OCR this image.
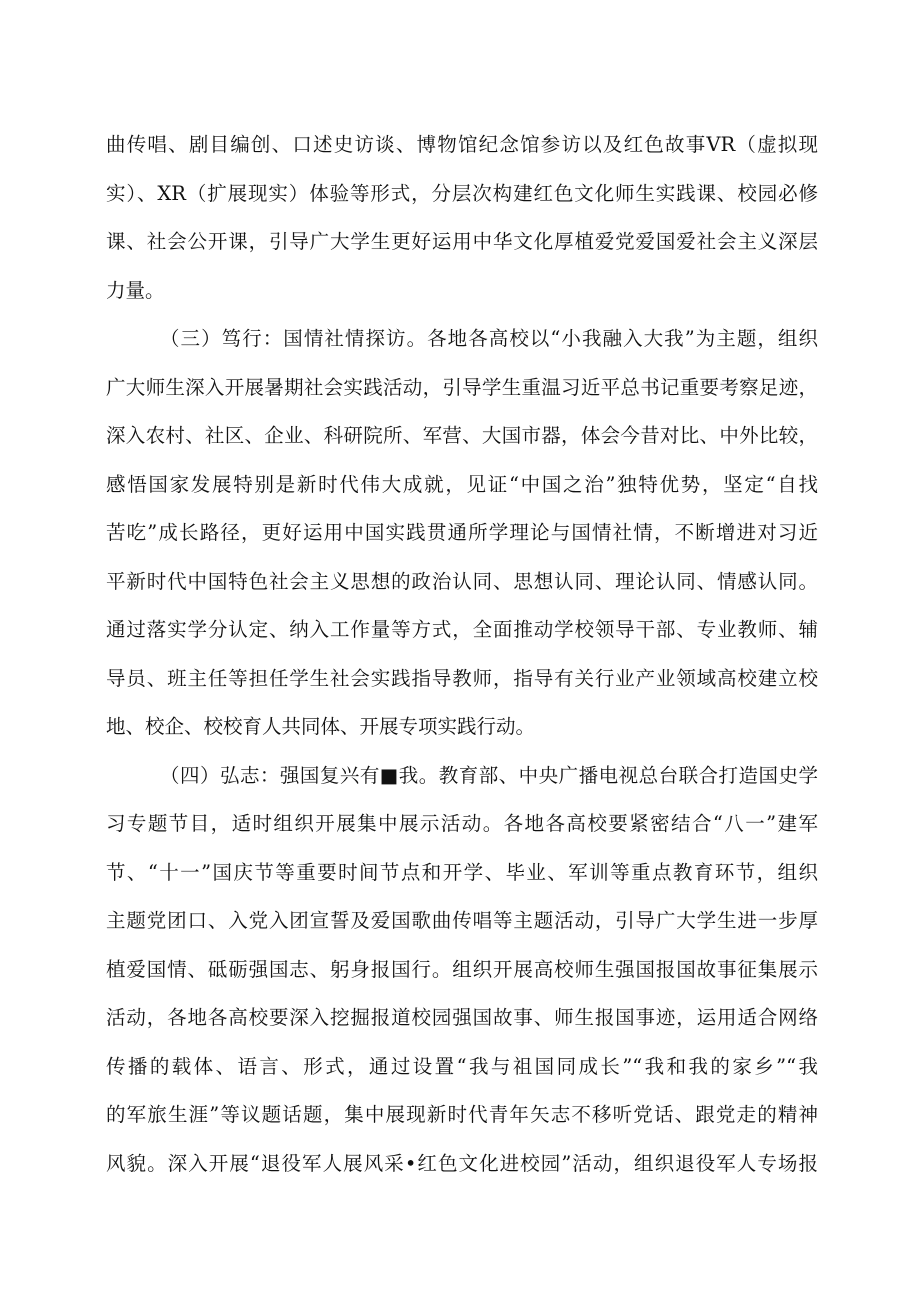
曲传唱、剧目编创、口述史访谈、博物馆纪念馆参访以及红色故事VR（虚拟现
实）、XR（扩展现实）体验等形式，分层次构建红色文化师生实践课、校园必修
课、社会公开课，引导广大学生更好运用中华文化厚植爱党爱国爱社会主义深层
力量。
（三）笃行：国情社情探访。各地各高校以“小我融入大我”为主题，组织
广大师生深入开展暑期社会实践活动，引导学生重温习近平总书记重要考察足迹，
深入农村、社区、企业、科研院所、军营、大国市器，体会今昔对比、中外比较，
感悟国家发展特别是新时代伟大成就，见证“中国之治”独特优势，坚定“自找
苦吃”成长路径，更好运用中国实践贯通所学理论与国情社情，不断增进对习近
平新时代中国特色社会主义思想的政治认同、思想认同、理论认同、情感认同。
通过落实学分认定、纳入工作量等方式，全面推动学校领导干部、专业教师、辅
导员、班主任等担任学生社会实践指导教师，指导有关行业产业领域高校建立校
地、校企、校校育人共同体、开展专项实践行动。
（四）弘志：强国复兴有■我。教育部、中央广播电视总台联合打造国史学
习专题节目，适时组织开展集中展示活动。各地各高校要紧密结合“八一”建军
节、“十一”国庆节等重要时间节点和开学、毕业、军训等重点教育环节，组织
主题党团口、入党入团宣誓及爱国歌曲传唱等主题活动，引导广大学生进一步厚
植爱国情、砥砺强国志、躬身报国行。组织开展高校师生强国报国故事征集展示
活动，各地各高校要深入挖掘报道校园强国故事、师生报国事迹，运用适合网络
传播的载体、语言、形式，通过设置“我与祖国同成长”“我和我的家乡”“我
的军旅生涯”等议题话题，集中展现新时代青年矢志不移听党话、跟党走的精神
风貌。深入开展“退役军人展风采•红色文化进校园”活动，组织退役军人专场报
